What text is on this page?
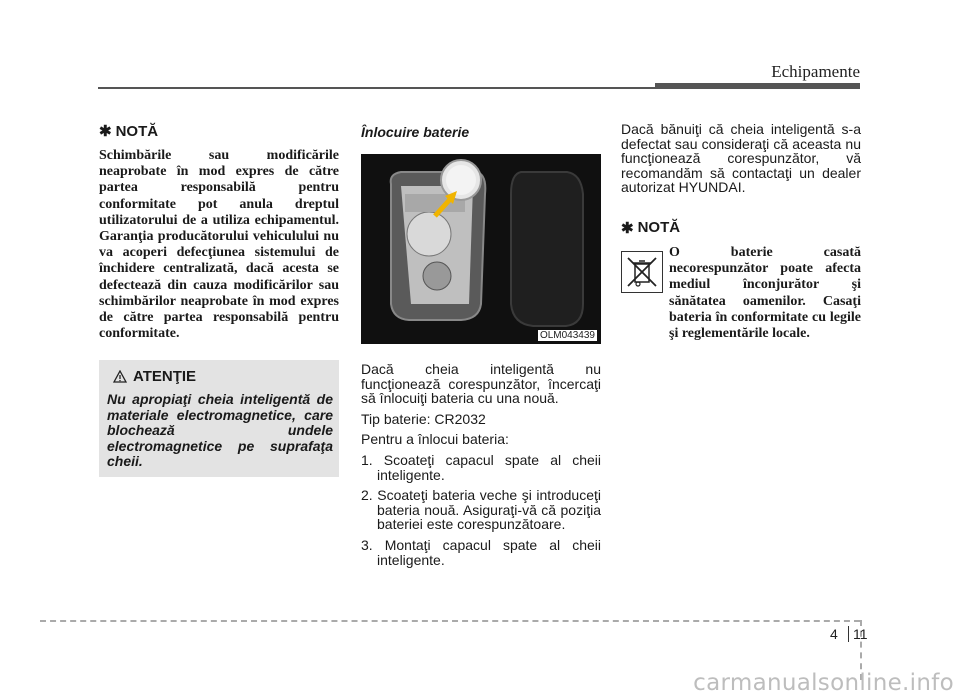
Echipamente
✱ NOTĂ

Schimbările sau modificările neaprobate în mod expres de către partea responsabilă pentru conformitate pot anula dreptul utilizatorului de a utiliza echipamentul. Garanţia producătorului vehiculului nu va acoperi defecţiunea sistemului de închidere centralizată, dacă acesta se defectează din cauza modificărilor sau schimbărilor neaprobate în mod expres de către partea responsabilă pentru conformitate.

ATENŢIE

Nu apropiaţi cheia inteligentă de materiale electromagnetice, care blochează undele electromagnetice pe suprafaţa cheii.

Înlocuire baterie
OLM043439

Dacă cheia inteligentă nu funcţionează corespunzător, încercaţi să înlocuiţi bateria cu una nouă.

Tip baterie: CR2032

Pentru a înlocui bateria:

1. Scoateţi capacul spate al cheii inteligente.
2. Scoateţi bateria veche şi introduceţi bateria nouă. Asiguraţi-vă că poziţia bateriei este corespunzătoare.
3. Montaţi capacul spate al cheii inteligente.

Dacă bănuiţi că cheia inteligentă s-a defectat sau consideraţi că aceasta nu funcţionează corespunzător, vă recomandăm să contactaţi un dealer autorizat HYUNDAI.

✱ NOTĂ
O baterie casată necorespunzător poate afecta mediul înconjurător şi sănătatea oamenilor. Casaţi bateria în conformitate cu legile şi reglementările locale.
4 11
carmanualsonline.info
